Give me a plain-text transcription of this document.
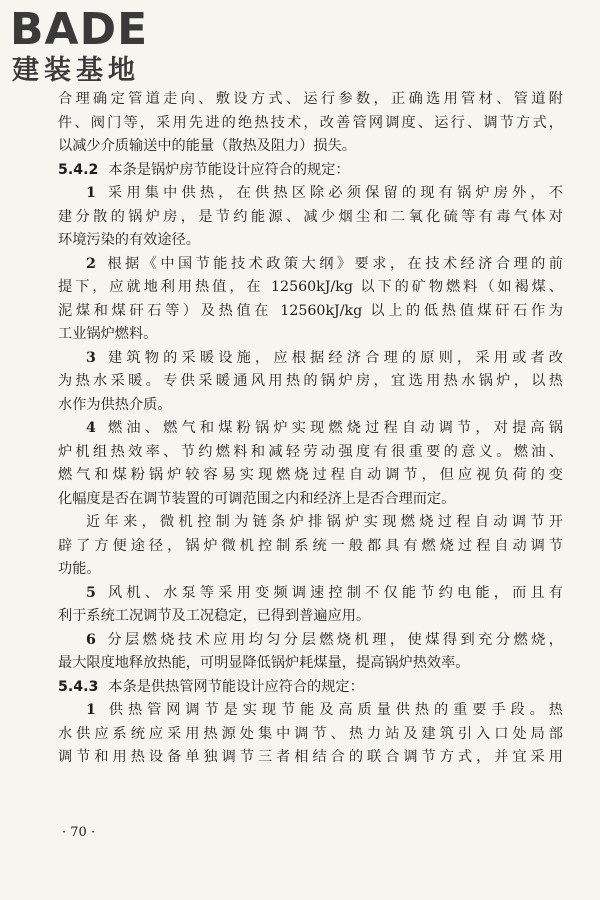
BADE
建装基地
合理确定管道走向、敷设方式、运行参数，正确选用管材、管道附
件、阀门等，采用先进的绝热技术，改善管网调度、运行、调节方式，
以减少介质输送中的能量（散热及阻力）损失。
5.4.2 本条是锅炉房节能设计应符合的规定：
1 采用集中供热，在供热区除必须保留的现有锅炉房外，不
建分散的锅炉房，是节约能源、减少烟尘和二氧化硫等有毒气体对
环境污染的有效途径。
2 根据《中国节能技术政策大纲》要求，在技术经济合理的前
提下，应就地利用热值，在 12560kJ/kg 以下的矿物燃料（如褐煤、
泥煤和煤矸石等）及热值在 12560kJ/kg 以上的低热值煤矸石作为
工业锅炉燃料。
3 建筑物的采暖设施，应根据经济合理的原则，采用或者改
为热水采暖。专供采暖通风用热的锅炉房，宜选用热水锅炉，以热
水作为供热介质。
4 燃油、燃气和煤粉锅炉实现燃烧过程自动调节，对提高锅
炉机组热效率、节约燃料和减轻劳动强度有很重要的意义。燃油、
燃气和煤粉锅炉较容易实现燃烧过程自动调节，但应视负荷的变
化幅度是否在调节装置的可调范围之内和经济上是否合理而定。
近年来，微机控制为链条炉排锅炉实现燃烧过程自动调节开
辟了方便途径，锅炉微机控制系统一般都具有燃烧过程自动调节
功能。
5 风机、水泵等采用变频调速控制不仅能节约电能，而且有
利于系统工况调节及工况稳定，已得到普遍应用。
6 分层燃烧技术应用均匀分层燃烧机理，使煤得到充分燃烧，
最大限度地释放热能，可明显降低锅炉耗煤量，提高锅炉热效率。
5.4.3 本条是供热管网节能设计应符合的规定：
1 供热管网调节是实现节能及高质量供热的重要手段。热
水供应系统应采用热源处集中调节、热力站及建筑引入口处局部
调节和用热设备单独调节三者相结合的联合调节方式，并宜采用
· 70 ·
